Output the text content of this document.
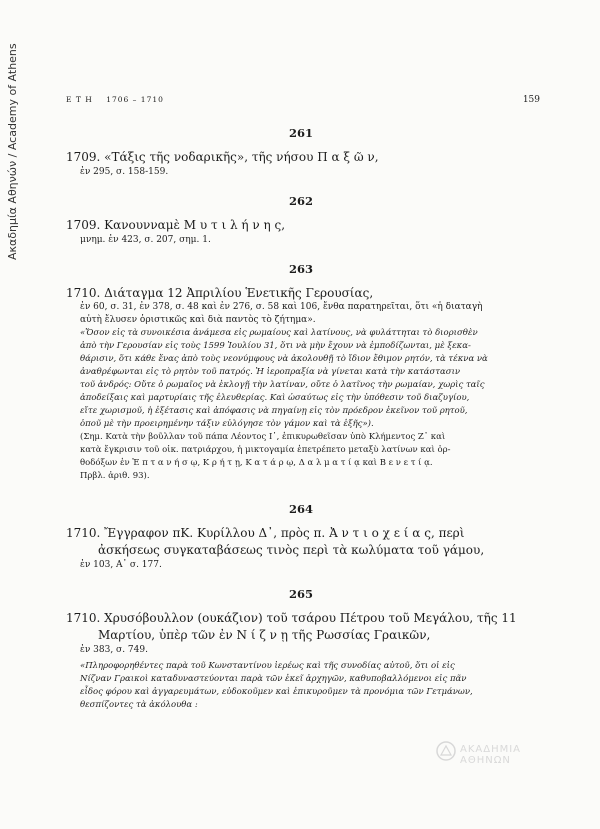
Ακαδημία Αθηνών / Academy of Athens	Ε Τ Η 1706 – 1710	159
261
1709. «Τάξις τῆς νοδαρικῆς», τῆς νήσου Π α ξ ῶ ν,
ἐν 295, σ. 158-159.
262
1709. Κανουνναμὲ Μ υ τ ι λ ή ν η ς,
μνημ. ἐν 423, σ. 207, σημ. 1.
263
1710. Διάταγμα 12 Ἀπριλίου Ἑνετικῆς Γερουσίας,
ἐν 60, σ. 31, ἐν 378, σ. 48 καὶ ἐν 276, σ. 58 καὶ 106, ἔνθα παρατηρεῖται, ὅτι «ἡ διαταγὴ
αὐτὴ ἔλυσεν ὁριστικῶς καὶ διὰ παντὸς τὸ ζήτημα».
«Ὅσον εἰς τὰ συνοικέσια ἀνάμεσα εἰς ρωμαίους καὶ λατίνους, νὰ φυλάττηται τὸ διορισθὲν
ἀπὸ τὴν Γερουσίαν εἰς τοὺς 1599 Ἰουλίου 31, ὅτι νὰ μὴν ἔχουν νὰ ἐμποδίζωνται, μὲ ξεκα-
θάρισιν, ὅτι κάθε ἕνας ἀπὸ τοὺς νεονύμφους νὰ ἀκολουθῇ τὸ ἴδιον ἔθιμον ρητόν, τὰ τέκνα νὰ
ἀναθρέφωνται εἰς τὸ ρητὸν τοῦ πατρός. Ἡ ἱεροπραξία νὰ γίνεται κατὰ τὴν κατάστασιν
τοῦ ἀνδρός: Οὔτε ὁ ρωμαῖος νὰ ἐκλογῇ τὴν λατίναν, οὔτε ὁ λατῖνος τὴν ρωμαίαν, χωρὶς ταῖς
ἀποδείξαις καὶ μαρτυρίαις τῆς ἐλευθερίας. Καὶ ὡσαύτως εἰς τὴν ὑπόθεσιν τοῦ διαζυγίου,
εἴτε χωρισμοῦ, ἡ ἐξέτασις καὶ ἀπόφασις νὰ πηγαίνῃ εἰς τὸν πρόεδρον ἐκεῖνον τοῦ ρητοῦ,
ὁποῦ μὲ τὴν προειρημένην τάξιν εὐλόγησε τὸν γάμον καὶ τὰ ἑξῆς»).
(Σημ. Κατὰ τὴν βοῦλλαν τοῦ πάπα Λέοντος Ι᾽, ἐπικυρωθεῖσαν ὑπὸ Κλήμεντος Ζ᾽ καὶ
κατὰ ἔγκρισιν τοῦ οἰκ. πατριάρχου, ἡ μικτογαμία ἐπετρέπετο μεταξὺ λατίνων καὶ ὀρ-
θοδόξων ἐν Ἑ π τ α ν ή σ ῳ, Κ ρ ή τ ῃ, Κ α τ ά ρ ῳ, Δ α λ μ α τ ί ᾳ καὶ Β ε ν ε τ ί ᾳ.
Πρβλ. ἀριθ. 93).
264
1710. Ἔγγραφον πΚ. Κυρίλλου Δ᾽, πρὸς π. Ἀ ν τ ι ο χ ε ί α ς, περὶ
ἀσκήσεως συγκαταβάσεως τινὸς περὶ τὰ κωλύματα τοῦ γάμου,
ἐν 103, Α᾽ σ. 177.
265
1710. Χρυσόβουλλον (ουκάζιον) τοῦ τσάρου Πέτρου τοῦ Μεγάλου, τῆς 11
Μαρτίου, ὑπὲρ τῶν ἐν Ν ί ζ ν ῃ τῆς Ρωσσίας Γραικῶν,
ἐν 383, σ. 749.
«Πληροφορηθέντες παρὰ τοῦ Κωνσταντίνου ἱερέως καὶ τῆς συνοδίας αὐτοῦ, ὅτι οἱ εἰς
Νίζναν Γραικοὶ καταδυναστεύονται παρὰ τῶν ἐκεῖ ἀρχηγῶν, καθυποβαλλόμενοι εἰς πᾶν
εἶδος φόρου καὶ ἀγγαρευμάτων, εὐδοκοῦμεν καὶ ἐπικυροῦμεν τὰ προνόμια τῶν Γετμάνων,
θεσπίζοντες τὰ ἀκόλουθα :
ΑΚΑΔΗΜΙΑ ΑΘΗΝΩΝ
